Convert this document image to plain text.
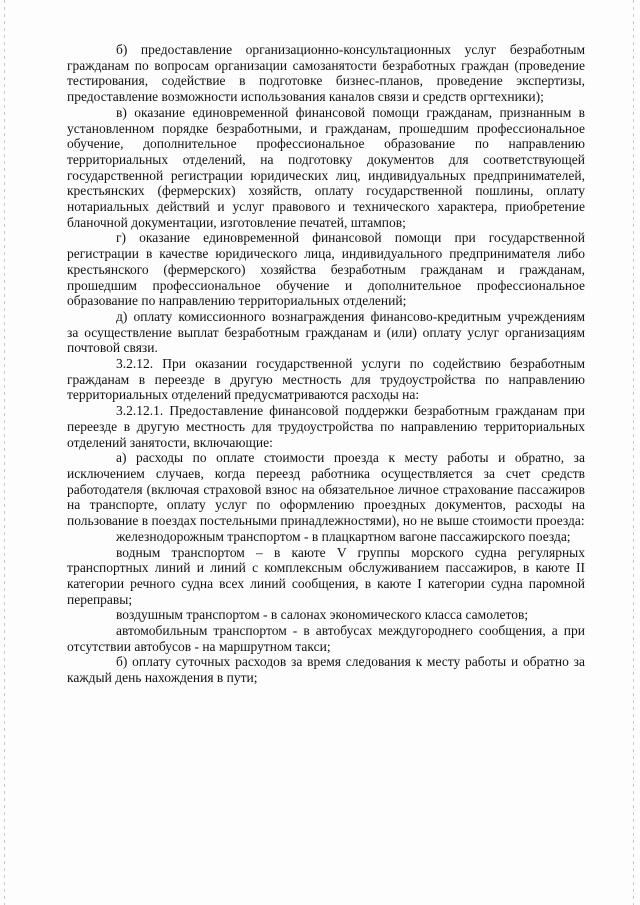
б) предоставление организационно-консультационных услуг безработным гражданам по вопросам организации самозанятости безработных граждан (проведение тестирования, содействие в подготовке бизнес-планов, проведение экспертизы, предоставление возможности использования каналов связи и средств оргтехники);

в) оказание единовременной финансовой помощи гражданам, признанным в установленном порядке безработными, и гражданам, прошедшим профессиональное обучение, дополнительное профессиональное образование по направлению территориальных отделений, на подготовку документов для соответствующей государственной регистрации юридических лиц, индивидуальных предпринимателей, крестьянских (фермерских) хозяйств, оплату государственной пошлины, оплату нотариальных действий и услуг правового и технического характера, приобретение бланочной документации, изготовление печатей, штампов;

г) оказание единовременной финансовой помощи при государственной регистрации в качестве юридического лица, индивидуального предпринимателя либо крестьянского (фермерского) хозяйства безработным гражданам и гражданам, прошедшим профессиональное обучение и дополнительное профессиональное образование по направлению территориальных отделений;

д) оплату комиссионного вознаграждения финансово-кредитным учреждениям за осуществление выплат безработным гражданам и (или) оплату услуг организациям почтовой связи.

3.2.12. При оказании государственной услуги по содействию безработным гражданам в переезде в другую местность для трудоустройства по направлению территориальных отделений предусматриваются расходы на:

3.2.12.1. Предоставление финансовой поддержки безработным гражданам при переезде в другую местность для трудоустройства по направлению территориальных отделений занятости, включающие:

а) расходы по оплате стоимости проезда к месту работы и обратно, за исключением случаев, когда переезд работника осуществляется за счет средств работодателя (включая страховой взнос на обязательное личное страхование пассажиров на транспорте, оплату услуг по оформлению проездных документов, расходы на пользование в поездах постельными принадлежностями), но не выше стоимости проезда:

железнодорожным транспортом - в плацкартном вагоне пассажирского поезда;

водным транспортом – в каюте V группы морского судна регулярных транспортных линий и линий с комплексным обслуживанием пассажиров, в каюте II категории речного судна всех линий сообщения, в каюте I категории судна паромной переправы;

воздушным транспортом - в салонах экономического класса самолетов;

автомобильным транспортом - в автобусах междугороднего сообщения, а при отсутствии автобусов - на маршрутном такси;

б) оплату суточных расходов за время следования к месту работы и обратно за каждый день нахождения в пути;
